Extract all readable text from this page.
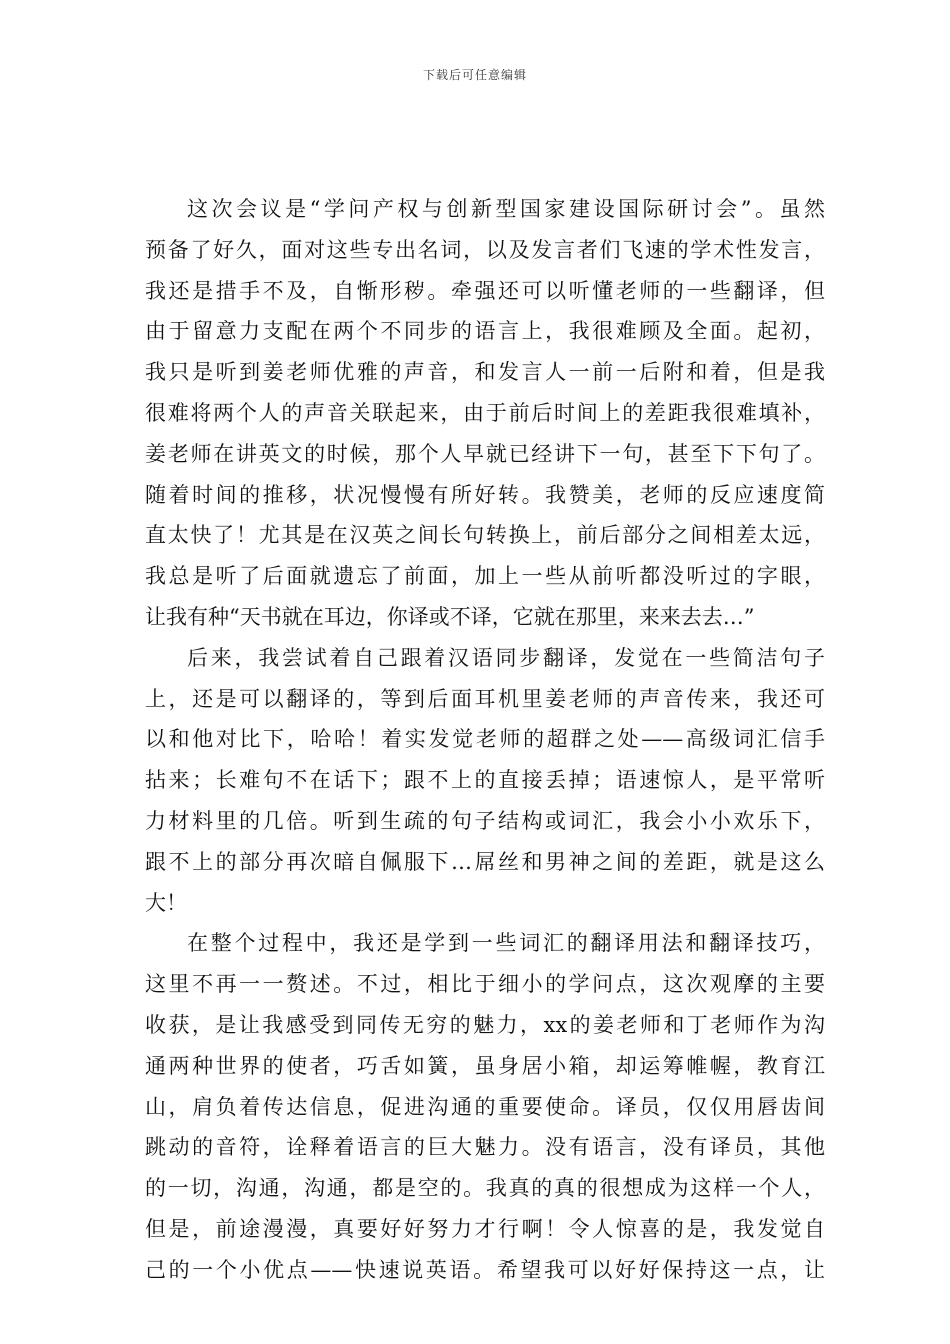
下载后可任意编辑
这次会议是“学问产权与创新型国家建设国际研讨会”。虽然
预备了好久，面对这些专出名词，以及发言者们飞速的学术性发言，
我还是措手不及，自惭形秽。牵强还可以听懂老师的一些翻译，但
由于留意力支配在两个不同步的语言上，我很难顾及全面。起初，
我只是听到姜老师优雅的声音，和发言人一前一后附和着，但是我
很难将两个人的声音关联起来，由于前后时间上的差距我很难填补，
姜老师在讲英文的时候，那个人早就已经讲下一句，甚至下下句了。
随着时间的推移，状况慢慢有所好转。我赞美，老师的反应速度简
直太快了！尤其是在汉英之间长句转换上，前后部分之间相差太远，
我总是听了后面就遗忘了前面，加上一些从前听都没听过的字眼，
让我有种“天书就在耳边，你译或不译，它就在那里，来来去去…”
后来，我尝试着自己跟着汉语同步翻译，发觉在一些简洁句子
上，还是可以翻译的，等到后面耳机里姜老师的声音传来，我还可
以和他对比下，哈哈！着实发觉老师的超群之处——高级词汇信手
拈来；长难句不在话下；跟不上的直接丢掉；语速惊人，是平常听
力材料里的几倍。听到生疏的句子结构或词汇，我会小小欢乐下，
跟不上的部分再次暗自佩服下…屌丝和男神之间的差距，就是这么
大！
在整个过程中，我还是学到一些词汇的翻译用法和翻译技巧，
这里不再一一赘述。不过，相比于细小的学问点，这次观摩的主要
收获，是让我感受到同传无穷的魅力，xx的姜老师和丁老师作为沟
通两种世界的使者，巧舌如簧，虽身居小箱，却运筹帷幄，教育江
山，肩负着传达信息，促进沟通的重要使命。译员，仅仅用唇齿间
跳动的音符，诠释着语言的巨大魅力。没有语言，没有译员，其他
的一切，沟通，沟通，都是空的。我真的真的很想成为这样一个人，
但是，前途漫漫，真要好好努力才行啊！令人惊喜的是，我发觉自
己的一个小优点——快速说英语。希望我可以好好保持这一点，让
